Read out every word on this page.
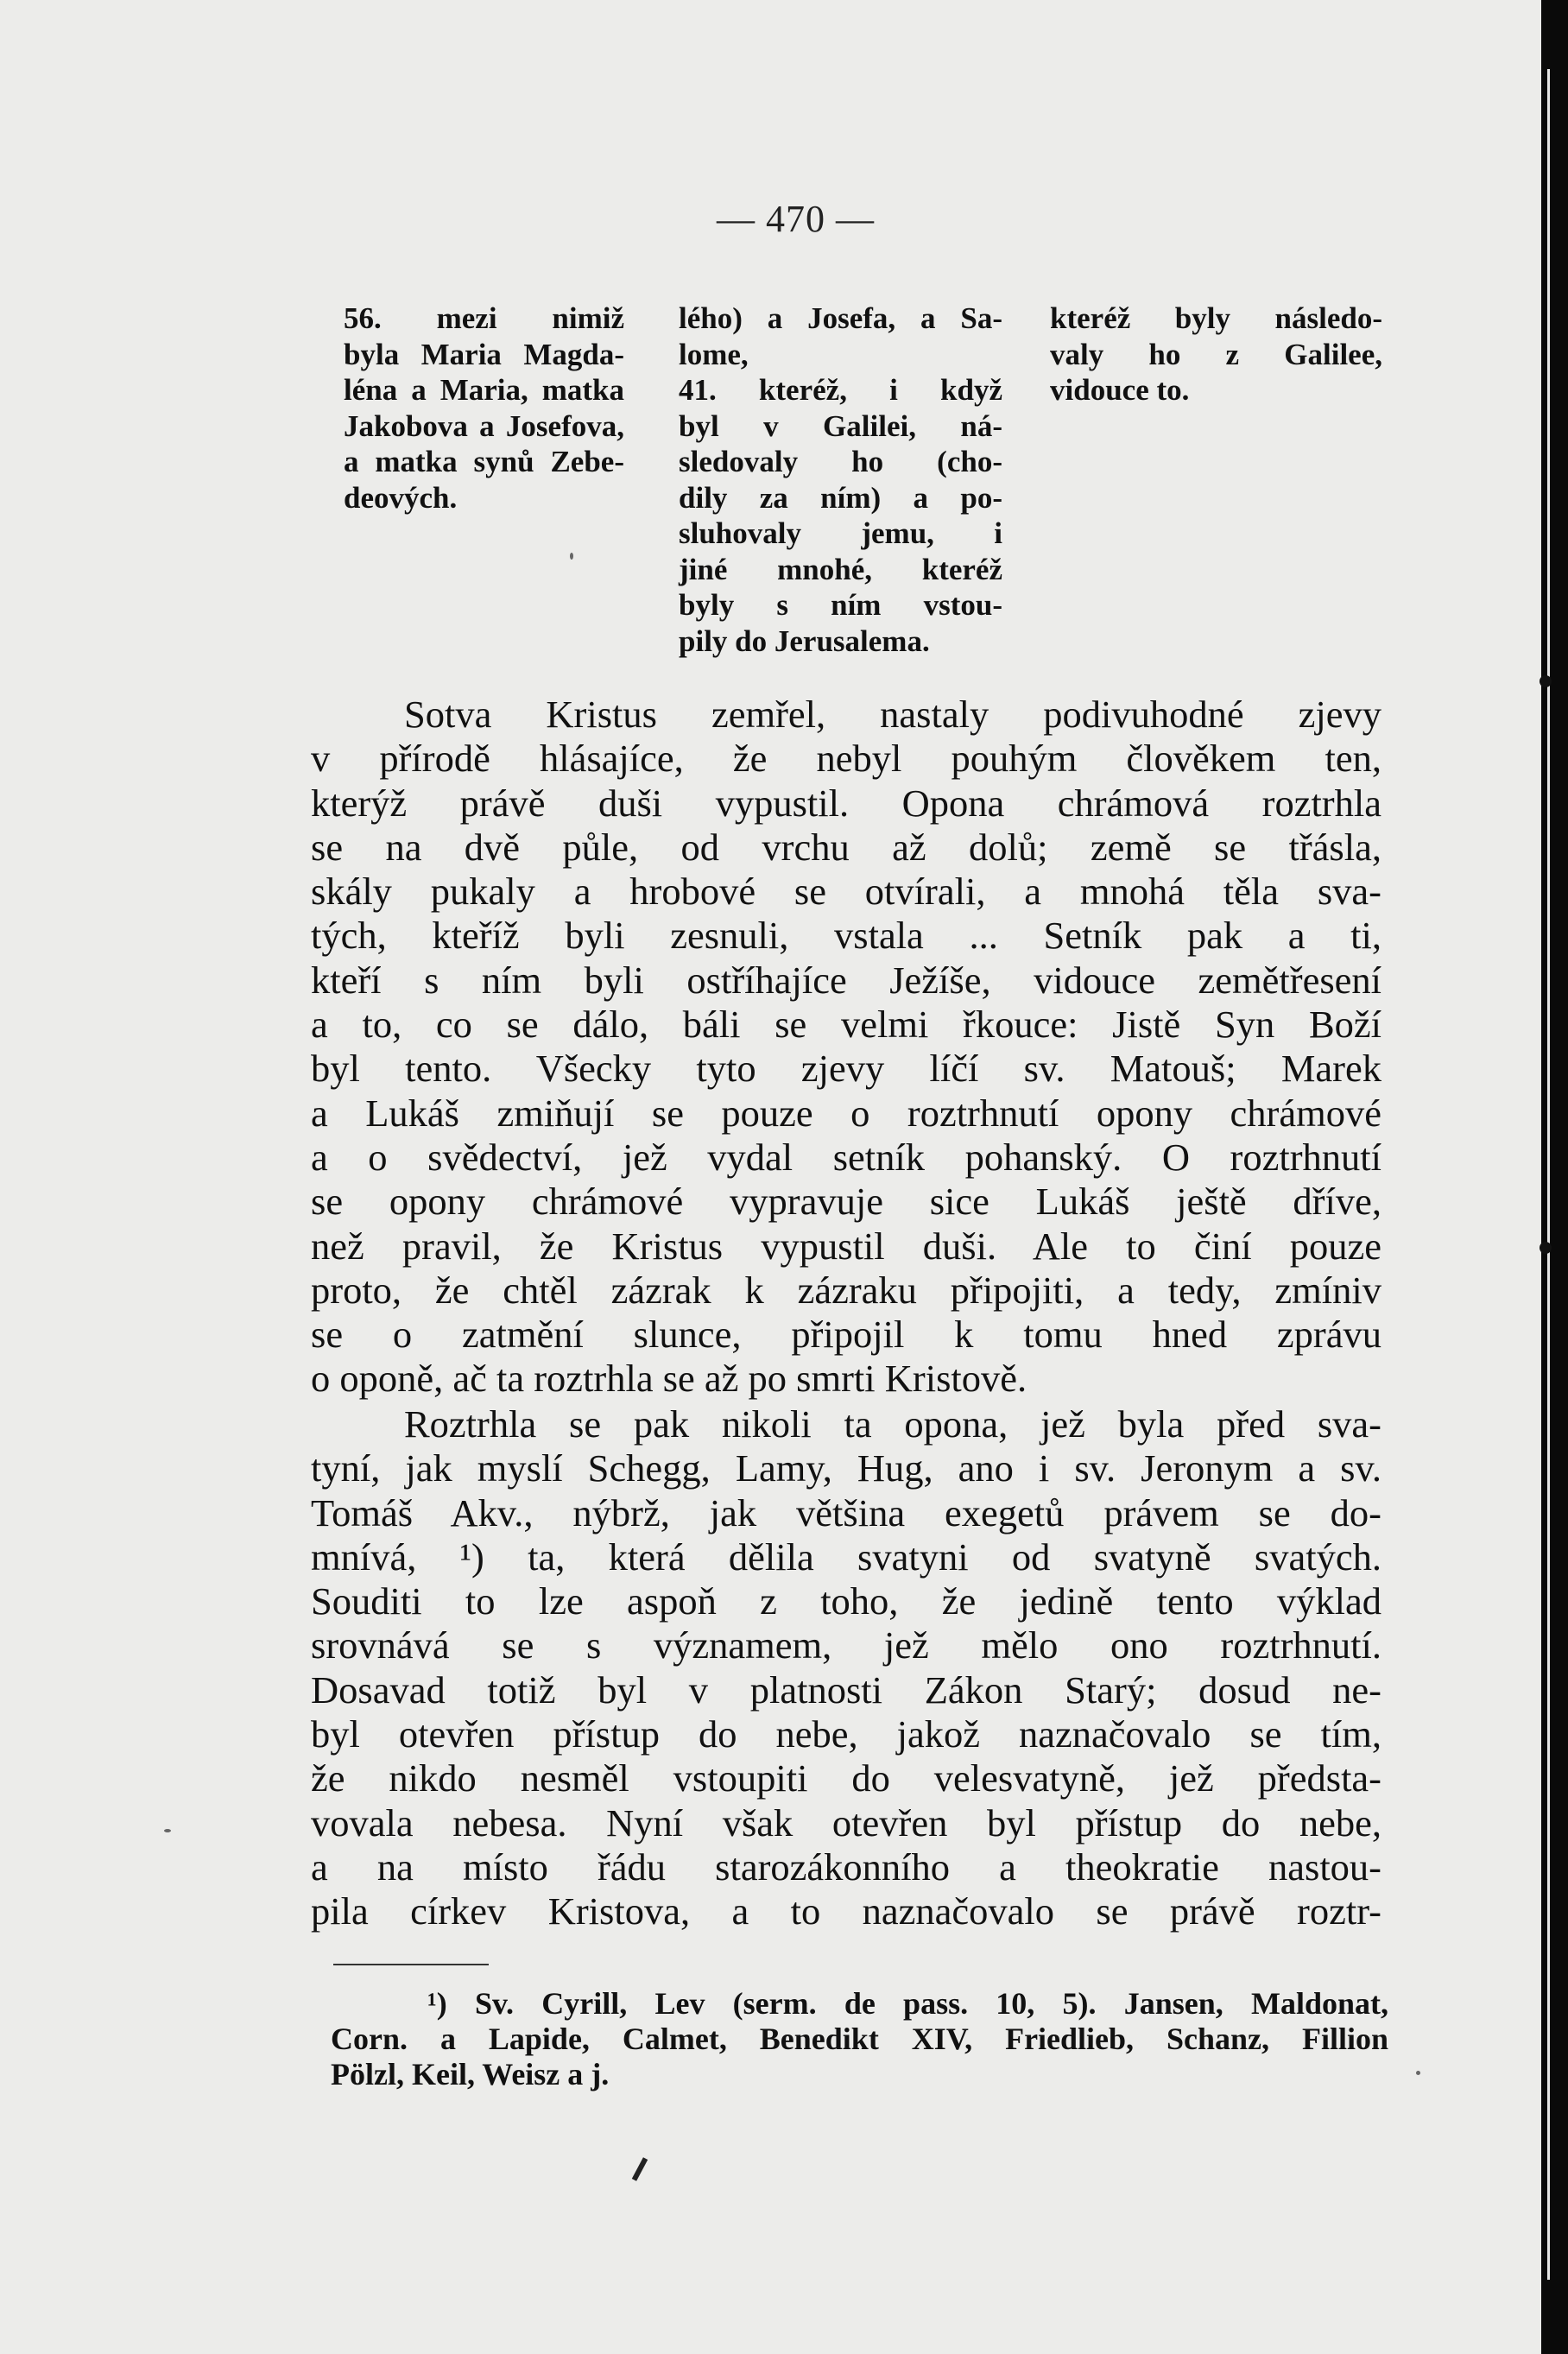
— 470 —
56. mezi nimiž
byla Maria Magda-
léna a Maria, matka
Jakobova a Josefova,
a matka synů Zebe-
deových.
lého) a Josefa, a Sa-
lome,
41. kteréž, i když
byl v Galilei, ná-
sledovaly ho (cho-
dily za ním) a po-
sluhovaly jemu, i
jiné mnohé, kteréž
byly s ním vstou-
pily do Jerusalema.
kteréž byly následo-
valy ho z Galilee,
vidouce to.
Sotva Kristus zemřel, nastaly podivuhodné zjevy
v přírodě hlásajíce, že nebyl pouhým člověkem ten,
kterýž právě duši vypustil. Opona chrámová roztrhla
se na dvě půle, od vrchu až dolů; země se třásla,
skály pukaly a hrobové se otvírali, a mnohá těla sva-
tých, kteříž byli zesnuli, vstala ... Setník pak a ti,
kteří s ním byli ostříhajíce Ježíše, vidouce zemětřesení
a to, co se dálo, báli se velmi řkouce: Jistě Syn Boží
byl tento. Všecky tyto zjevy líčí sv. Matouš; Marek
a Lukáš zmiňují se pouze o roztrhnutí opony chrámové
a o svědectví, jež vydal setník pohanský. O roztrhnutí
se opony chrámové vypravuje sice Lukáš ještě dříve,
než pravil, že Kristus vypustil duši. Ale to činí pouze
proto, že chtěl zázrak k zázraku připojiti, a tedy, zmíniv
se o zatmění slunce, připojil k tomu hned zprávu
o oponě, ač ta roztrhla se až po smrti Kristově.
Roztrhla se pak nikoli ta opona, jež byla před sva-
tyní, jak myslí Schegg, Lamy, Hug, ano i sv. Jeronym a sv.
Tomáš Akv., nýbrž, jak většina exegetů právem se do-
mnívá, ¹) ta, která dělila svatyni od svatyně svatých.
Souditi to lze aspoň z toho, že jedině tento výklad
srovnává se s významem, jež mělo ono roztrhnutí.
Dosavad totiž byl v platnosti Zákon Starý; dosud ne-
byl otevřen přístup do nebe, jakož naznačovalo se tím,
že nikdo nesměl vstoupiti do velesvatyně, jež předsta-
vovala nebesa. Nyní však otevřen byl přístup do nebe,
a na místo řádu starozákonního a theokratie nastou-
pila církev Kristova, a to naznačovalo se právě roztr-
¹) Sv. Cyrill, Lev (serm. de pass. 10, 5). Jansen, Maldonat,
Corn. a Lapide, Calmet, Benedikt XIV, Friedlieb, Schanz, Fillion
Pölzl, Keil, Weisz a j.
